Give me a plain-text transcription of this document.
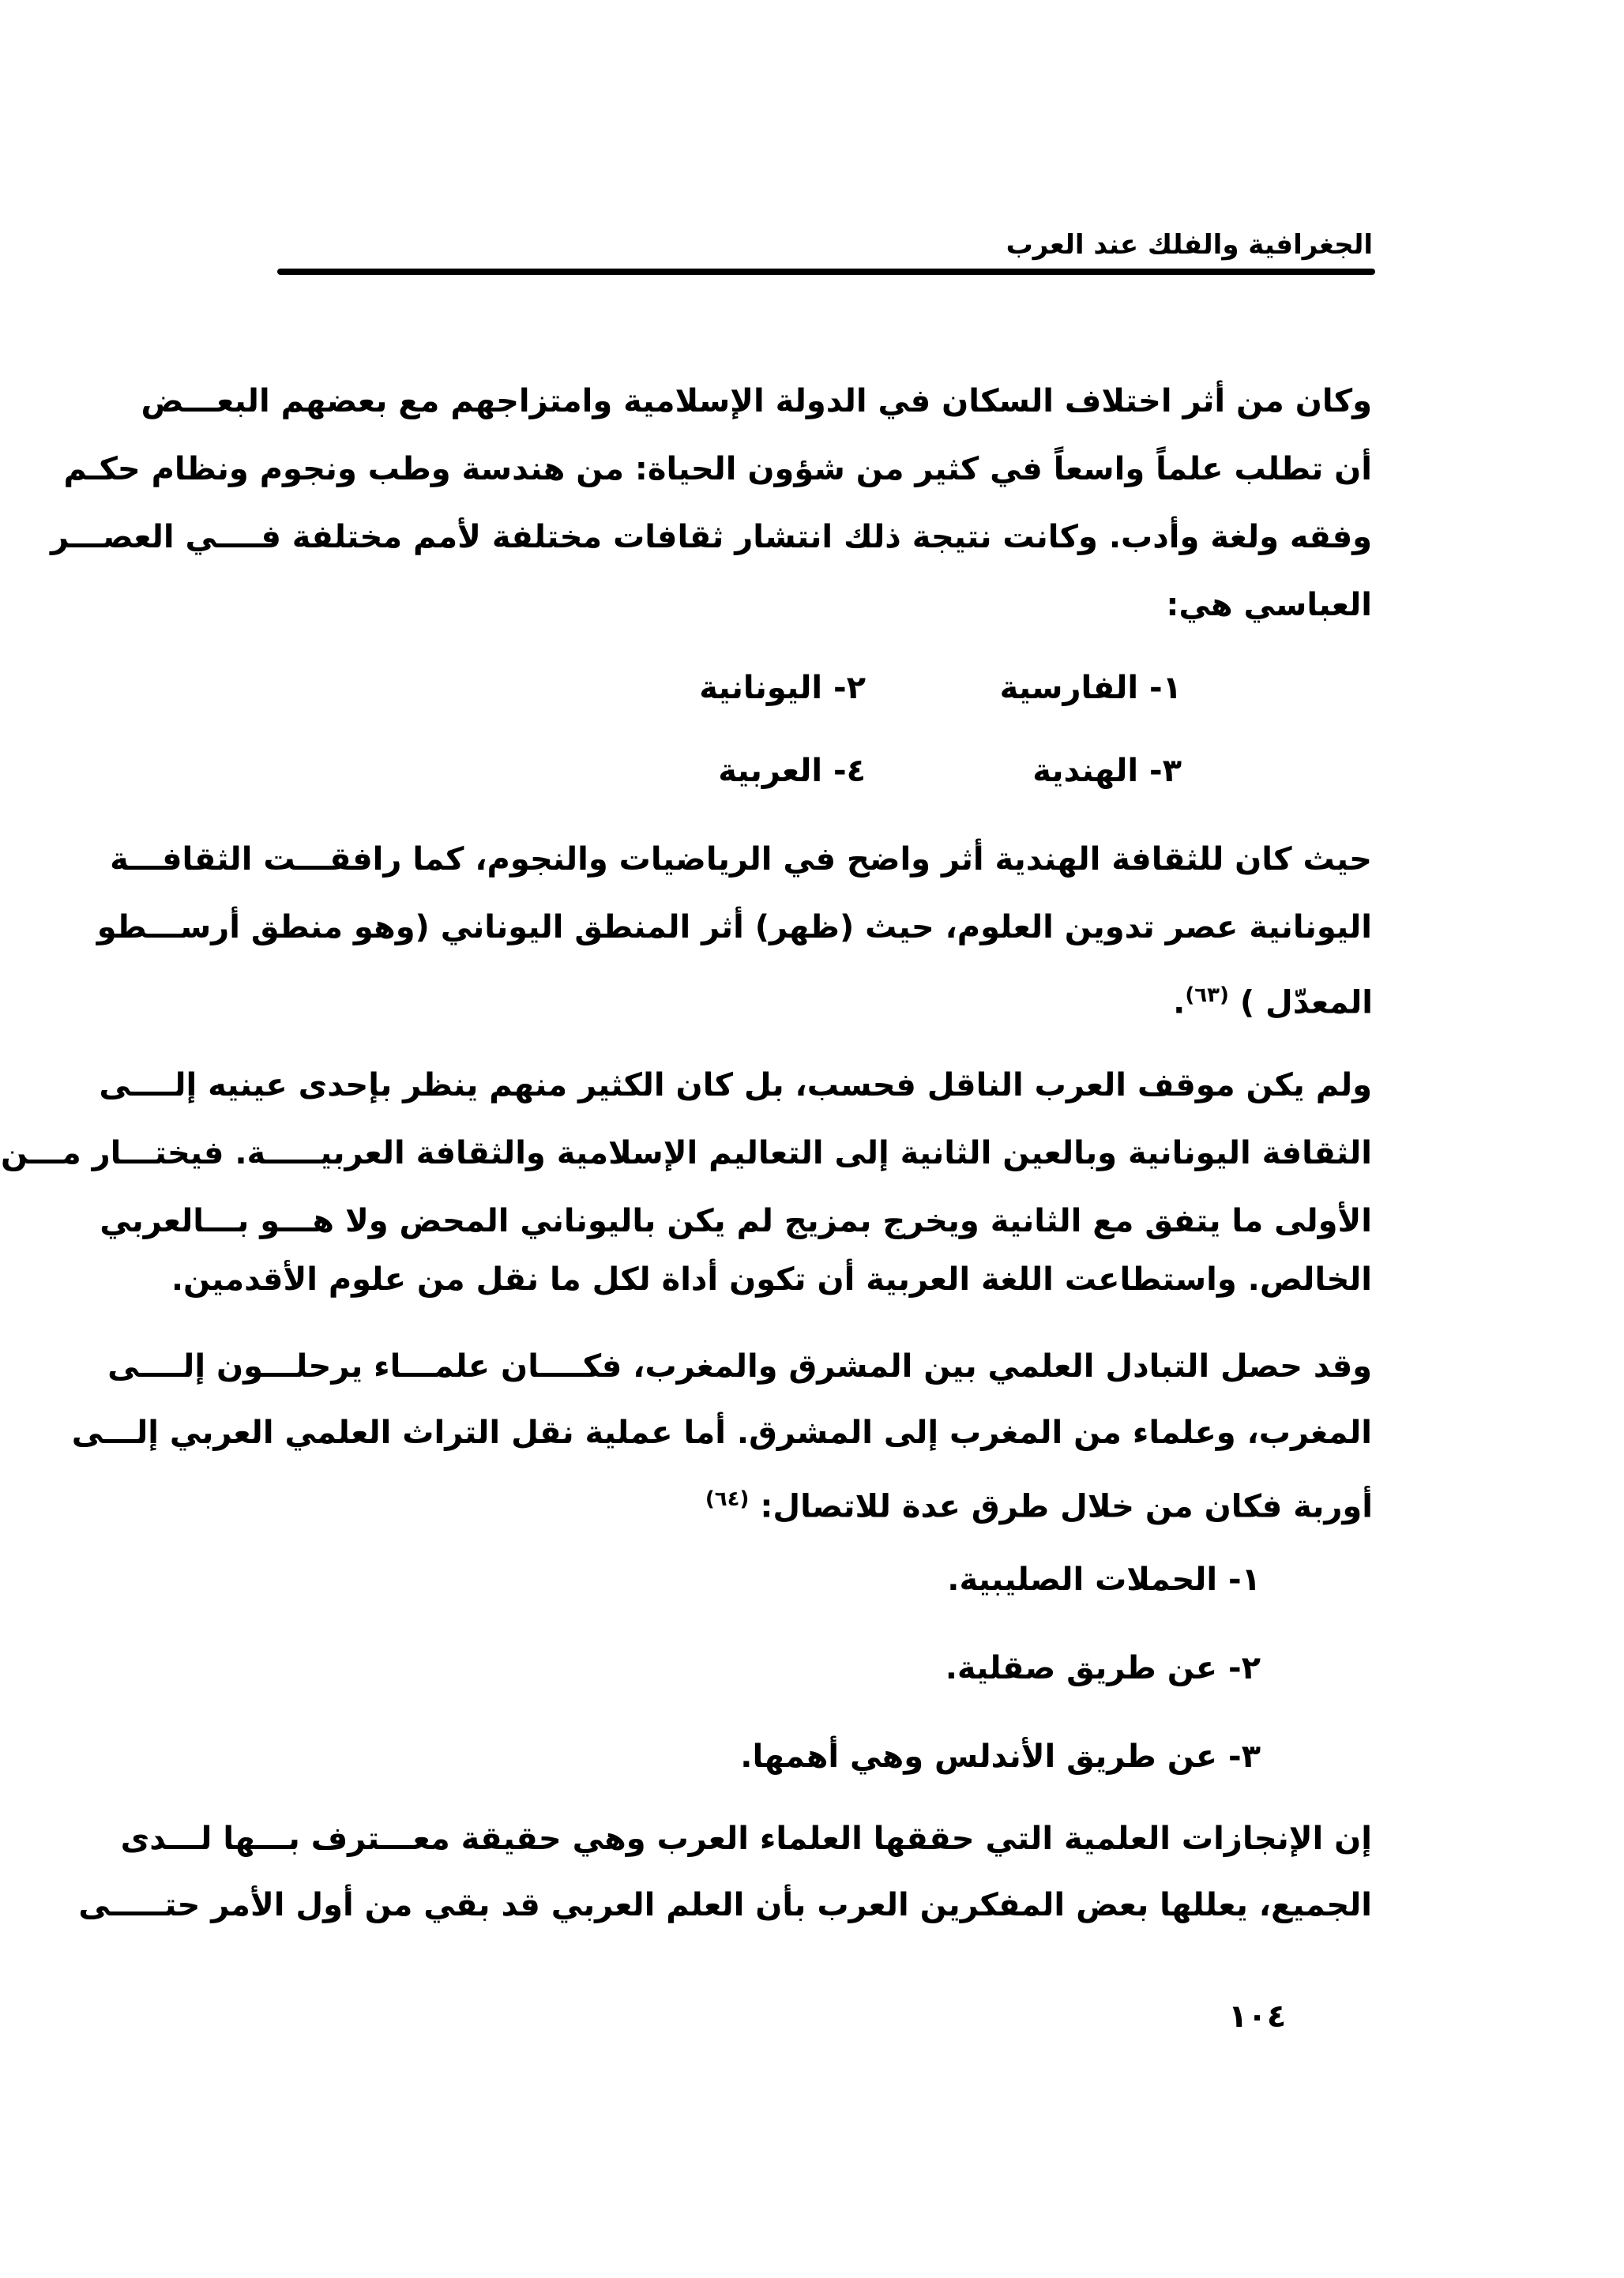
الجغرافية والفلك عند العرب
وكان من أثر اختلاف السكان في الدولة الإسلامية وامتزاجهم مع بعضهم البعـــض
أن تطلب علماً واسعاً في كثير من شؤون الحياة: من هندسة وطب ونجوم ونظام حكـم
وفقه ولغة وأدب. وكانت نتيجة ذلك انتشار ثقافات مختلفة لأمم مختلفة فــــي العصـــر
العباسي هي:
١- الفارسية
٢- اليونانية
٣- الهندية
٤- العربية
حيث كان للثقافة الهندية أثر واضح في الرياضيات والنجوم، كما رافقـــت الثقافـــة
اليونانية عصر تدوين العلوم، حيث (ظهر) أثر المنطق اليوناني (وهو منطق أرســـطو
المعدّل ) $^{(٦٣)}$.
ولم يكن موقف العرب الناقل فحسب، بل كان الكثير منهم ينظر بإحدى عينيه إلــــى
الثقافة اليونانية وبالعين الثانية إلى التعاليم الإسلامية والثقافة العربيـــــة. فيختـــار مـــن
الأولى ما يتفق مع الثانية ويخرج بمزيج لم يكن باليوناني المحض ولا هـــو بـــالعربي
الخالص. واستطاعت اللغة العربية أن تكون أداة لكل ما نقل من علوم الأقدمين.
وقد حصل التبادل العلمي بين المشرق والمغرب، فكــــان علمـــاء يرحلـــون إلــــى
المغرب، وعلماء من المغرب إلى المشرق. أما عملية نقل التراث العلمي العربي إلـــى
أوربة فكان من خلال طرق عدة للاتصال: $^{(٦٤)}$
١- الحملات الصليبية.
٢- عن طريق صقلية.
٣- عن طريق الأندلس وهي أهمها.
إن الإنجازات العلمية التي حققها العلماء العرب وهي حقيقة معـــترف بـــها لـــدى
الجميع، يعللها بعض المفكرين العرب بأن العلم العربي قد بقي من أول الأمر حتـــــى
١٠٤
